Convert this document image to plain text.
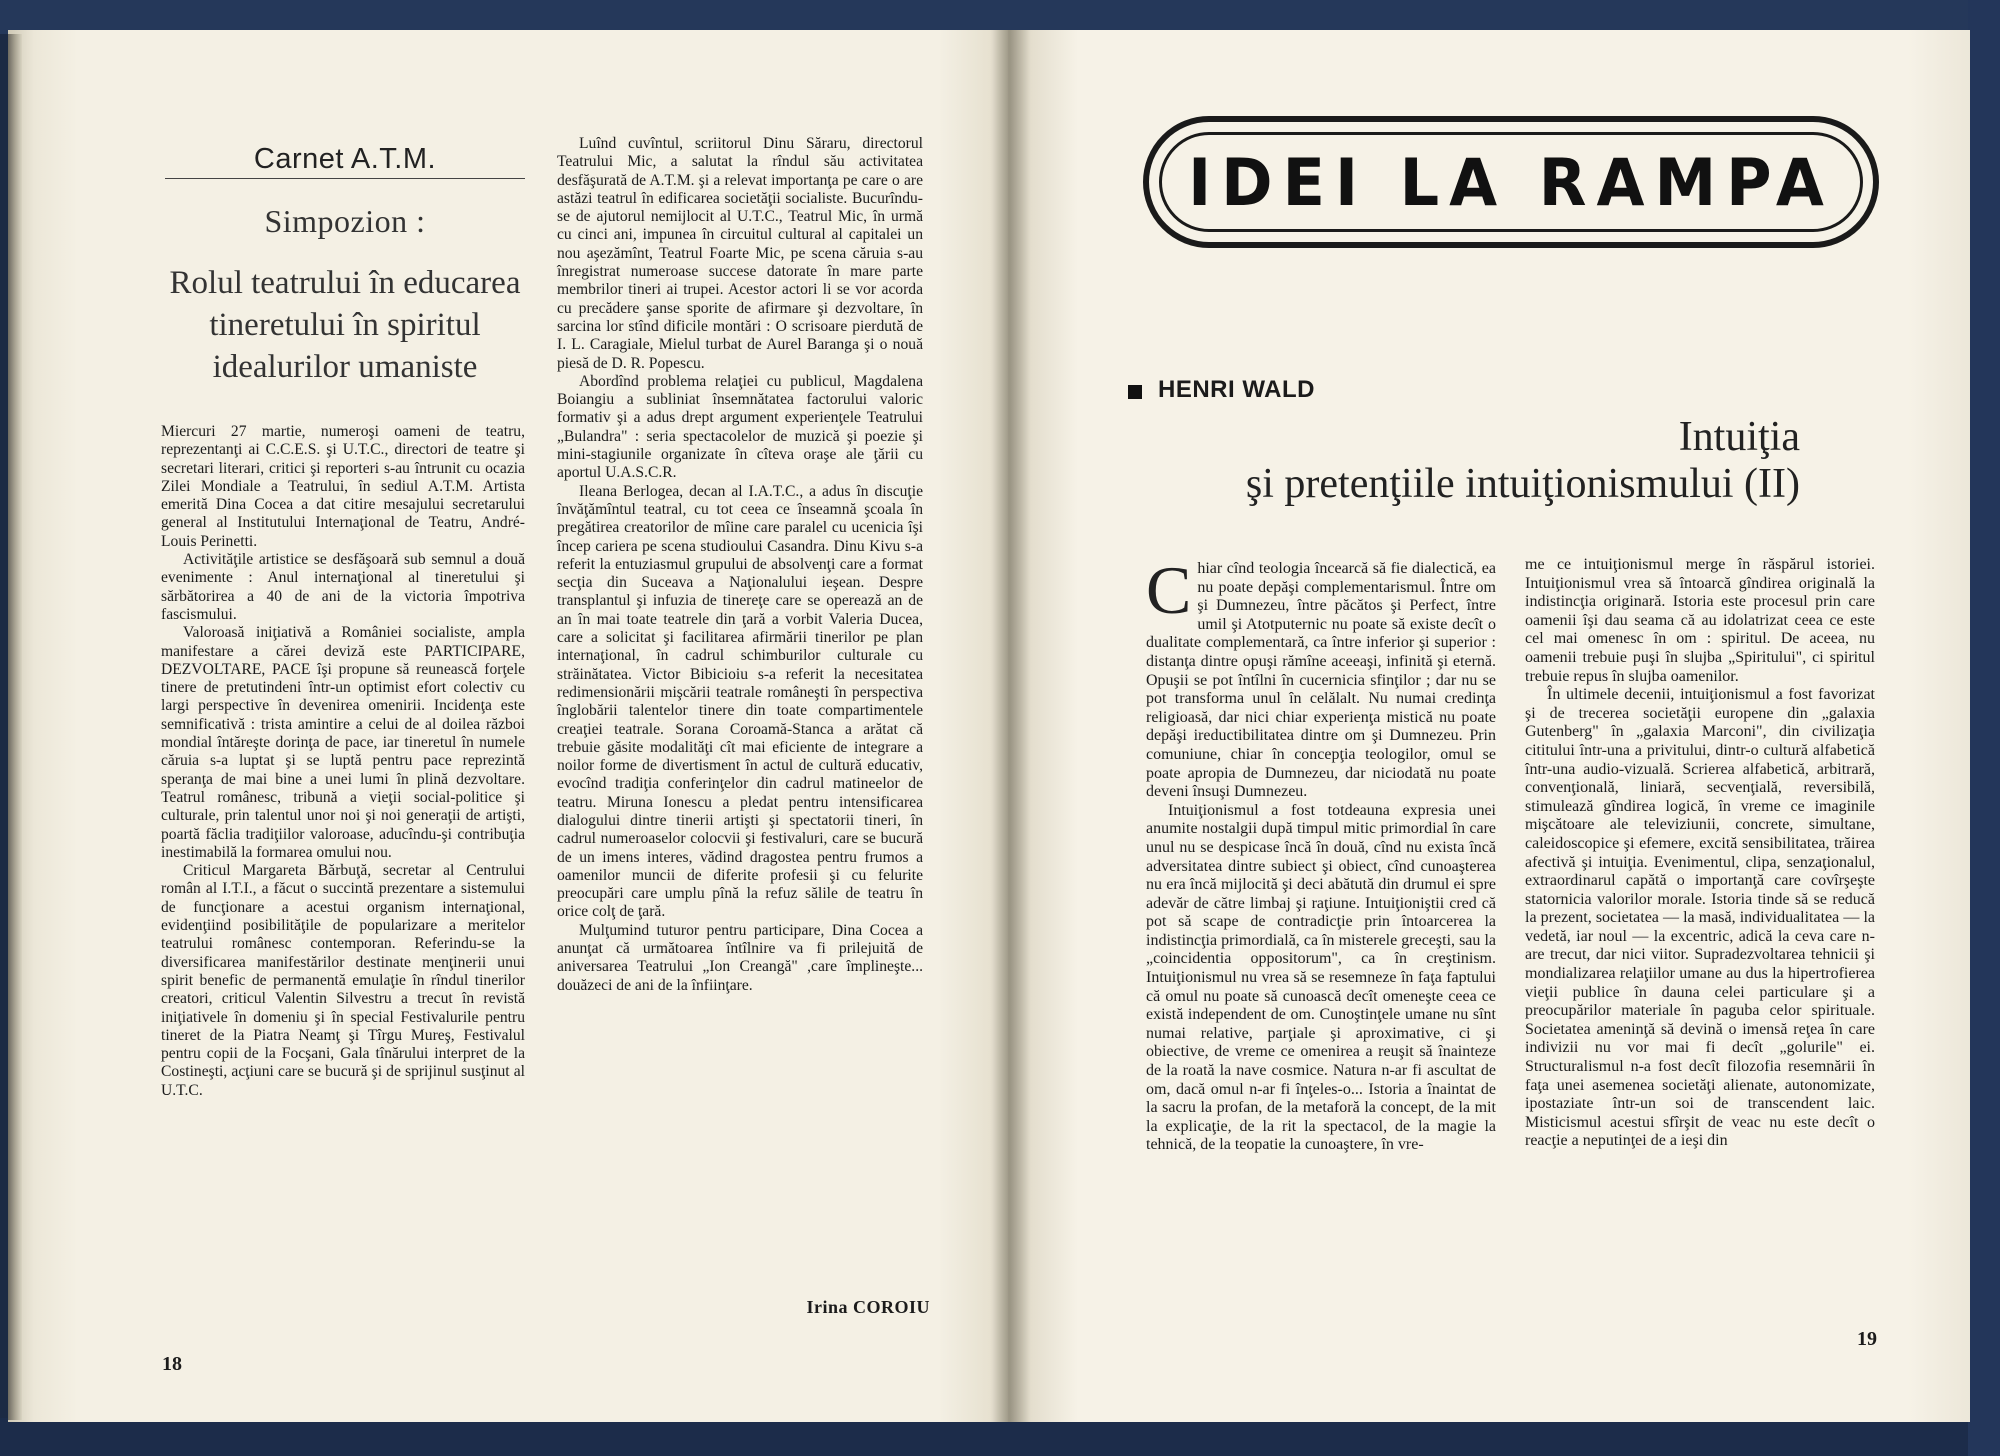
Carnet A.T.M.
Simpozion :
Rolul teatrului în educarea tineretului în spiritul idealurilor umaniste

Miercuri 27 martie, numeroşi oameni de teatru, reprezentanţi ai C.C.E.S. şi U.T.C., directori de teatre şi secretari literari, critici şi reporteri s-au întrunit cu ocazia Zilei Mondiale a Teatrului, în sediul A.T.M. Artista emerită Dina Cocea a dat citire mesajului secretarului general al Institutului Internaţional de Teatru, André-Louis Perinetti.

Activităţile artistice se desfăşoară sub semnul a două evenimente : Anul internaţional al tineretului şi sărbătorirea a 40 de ani de la victoria împotriva fascismului.

Valoroasă iniţiativă a României socialiste, ampla manifestare a cărei deviză este PARTICIPARE, DEZVOLTARE, PACE îşi propune să reunească forţele tinere de pretutindeni într-un optimist efort colectiv cu largi perspective în devenirea omenirii. Incidenţa este semnificativă : trista amintire a celui de al doilea război mondial întăreşte dorinţa de pace, iar tineretul în numele căruia s-a luptat şi se luptă pentru pace reprezintă speranţa de mai bine a unei lumi în plină dezvoltare. Teatrul românesc, tribună a vieţii social-politice şi culturale, prin talentul unor noi şi noi generaţii de artişti, poartă făclia tradiţiilor valoroase, aducîndu-şi contribuţia inestimabilă la formarea omului nou.

Criticul Margareta Bărbuţă, secretar al Centrului român al I.T.I., a făcut o succintă prezentare a sistemului de funcţionare a acestui organism internaţional, evidenţiind posibilităţile de popularizare a meritelor teatrului românesc contemporan. Referindu-se la diversificarea manifestărilor destinate menţinerii unui spirit benefic de permanentă emulaţie în rîndul tinerilor creatori, criticul Valentin Silvestru a trecut în revistă iniţiativele în domeniu şi în special Festivalurile pentru tineret de la Piatra Neamţ şi Tîrgu Mureş, Festivalul pentru copii de la Focşani, Gala tînărului interpret de la Costineşti, acţiuni care se bucură şi de sprijinul susţinut al U.T.C.

Luînd cuvîntul, scriitorul Dinu Săraru, directorul Teatrului Mic, a salutat la rîndul său activitatea desfăşurată de A.T.M. şi a relevat importanţa pe care o are astăzi teatrul în edificarea societăţii socialiste. Bucurîndu-se de ajutorul nemijlocit al U.T.C., Teatrul Mic, în urmă cu cinci ani, impunea în circuitul cultural al capitalei un nou aşezămînt, Teatrul Foarte Mic, pe scena căruia s-au înregistrat numeroase succese datorate în mare parte membrilor tineri ai trupei. Acestor actori li se vor acorda cu precădere şanse sporite de afirmare şi dezvoltare, în sarcina lor stînd dificile montări : O scrisoare pierdută de I. L. Caragiale, Mielul turbat de Aurel Baranga şi o nouă piesă de D. R. Popescu.

Abordînd problema relaţiei cu publicul, Magdalena Boiangiu a subliniat însemnătatea factorului valoric formativ şi a adus drept argument experienţele Teatrului „Bulandra" : seria spectacolelor de muzică şi poezie şi mini-stagiunile organizate în cîteva oraşe ale ţării cu aportul U.A.S.C.R.

Ileana Berlogea, decan al I.A.T.C., a adus în discuţie învăţămîntul teatral, cu tot ceea ce înseamnă şcoala în pregătirea creatorilor de mîine care paralel cu ucenicia îşi încep cariera pe scena studioului Casandra. Dinu Kivu s-a referit la entuziasmul grupului de absolvenţi care a format secţia din Suceava a Naţionalului ieşean. Despre transplantul şi infuzia de tinereţe care se operează an de an în mai toate teatrele din ţară a vorbit Valeria Ducea, care a solicitat şi facilitarea afirmării tinerilor pe plan internaţional, în cadrul schimburilor culturale cu străinătatea. Victor Bibicioiu s-a referit la necesitatea redimensionării mişcării teatrale româneşti în perspectiva înglobării talentelor tinere din toate compartimentele creaţiei teatrale. Sorana Coroamă-Stanca a arătat că trebuie găsite modalităţi cît mai eficiente de integrare a noilor forme de divertisment în actul de cultură educativ, evocînd tradiţia conferinţelor din cadrul matineelor de teatru. Miruna Ionescu a pledat pentru intensificarea dialogului dintre tinerii artişti şi spectatorii tineri, în cadrul numeroaselor colocvii şi festivaluri, care se bucură de un imens interes, vădind dragostea pentru frumos a oamenilor muncii de diferite profesii şi cu felurite preocupări care umplu pînă la refuz sălile de teatru în orice colţ de ţară.

Mulţumind tuturor pentru participare, Dina Cocea a anunţat că următoarea întîlnire va fi prilejuită de aniversarea Teatrului „Ion Creangă" ,care împlineşte... douăzeci de ani de la înfiinţare.

Irina COROIU
18
IDEI LA RAMPA
HENRI WALD
Intuiţia
şi pretenţiile intuiţionismului (II)

Chiar cînd teologia încearcă să fie dialectică, ea nu poate depăşi complementarismul. Între om şi Dumnezeu, între păcătos şi Perfect, între umil şi Atotputernic nu poate să existe decît o dualitate complementară, ca între inferior şi superior : distanţa dintre opuşi rămîne aceeaşi, infinită şi eternă. Opuşii se pot întîlni în cucernicia sfinţilor ; dar nu se pot transforma unul în celălalt. Nu numai credinţa religioasă, dar nici chiar experienţa mistică nu poate depăşi ireductibilitatea dintre om şi Dumnezeu. Prin comuniune, chiar în concepţia teologilor, omul se poate apropia de Dumnezeu, dar niciodată nu poate deveni însuşi Dumnezeu.

Intuiţionismul a fost totdeauna expresia unei anumite nostalgii după timpul mitic primordial în care unul nu se despicase încă în două, cînd nu exista încă adversitatea dintre subiect şi obiect, cînd cunoaşterea nu era încă mijlocită şi deci abătută din drumul ei spre adevăr de către limbaj şi raţiune. Intuiţioniştii cred că pot să scape de contradicţie prin întoarcerea la indistincţia primordială, ca în misterele greceşti, sau la „coincidentia oppositorum", ca în creştinism. Intuiţionismul nu vrea să se resemneze în faţa faptului că omul nu poate să cunoască decît omeneşte ceea ce există independent de om. Cunoştinţele umane nu sînt numai relative, parţiale şi aproximative, ci şi obiective, de vreme ce omenirea a reuşit să înainteze de la roată la nave cosmice. Natura n-ar fi ascultat de om, dacă omul n-ar fi înţeles-o... Istoria a înaintat de la sacru la profan, de la metaforă la concept, de la mit la explicaţie, de la rit la spectacol, de la magie la tehnică, de la teopatie la cunoaştere, în vre-

me ce intuiţionismul merge în răspărul istoriei. Intuiţionismul vrea să întoarcă gîndirea originală la indistincţia originară. Istoria este procesul prin care oamenii îşi dau seama că au idolatrizat ceea ce este cel mai omenesc în om : spiritul. De aceea, nu oamenii trebuie puşi în slujba „Spiritului", ci spiritul trebuie repus în slujba oamenilor.

În ultimele decenii, intuiţionismul a fost favorizat şi de trecerea societăţii europene din „galaxia Gutenberg" în „galaxia Marconi", din civilizaţia cititului într-una a privitului, dintr-o cultură alfabetică într-una audio-vizuală. Scrierea alfabetică, arbitrară, convenţională, liniară, secvenţială, reversibilă, stimulează gîndirea logică, în vreme ce imaginile mişcătoare ale televiziunii, concrete, simultane, caleidoscopice şi efemere, excită sensibilitatea, trăirea afectivă şi intuiţia. Evenimentul, clipa, senzaţionalul, extraordinarul capătă o importanţă care covîrşeşte statornicia valorilor morale. Istoria tinde să se reducă la prezent, societatea — la masă, individualitatea — la vedetă, iar noul — la excentric, adică la ceva care n-are trecut, dar nici viitor. Supradezvoltarea tehnicii şi mondializarea relaţiilor umane au dus la hipertrofierea vieţii publice în dauna celei particulare şi a preocupărilor materiale în paguba celor spirituale. Societatea ameninţă să devină o imensă reţea în care indivizii nu vor mai fi decît „golurile" ei. Structuralismul n-a fost decît filozofia resemnării în faţa unei asemenea societăţi alienate, autonomizate, ipostaziate într-un soi de transcendent laic. Misticismul acestui sfîrşit de veac nu este decît o reacţie a neputinţei de a ieşi din

19
